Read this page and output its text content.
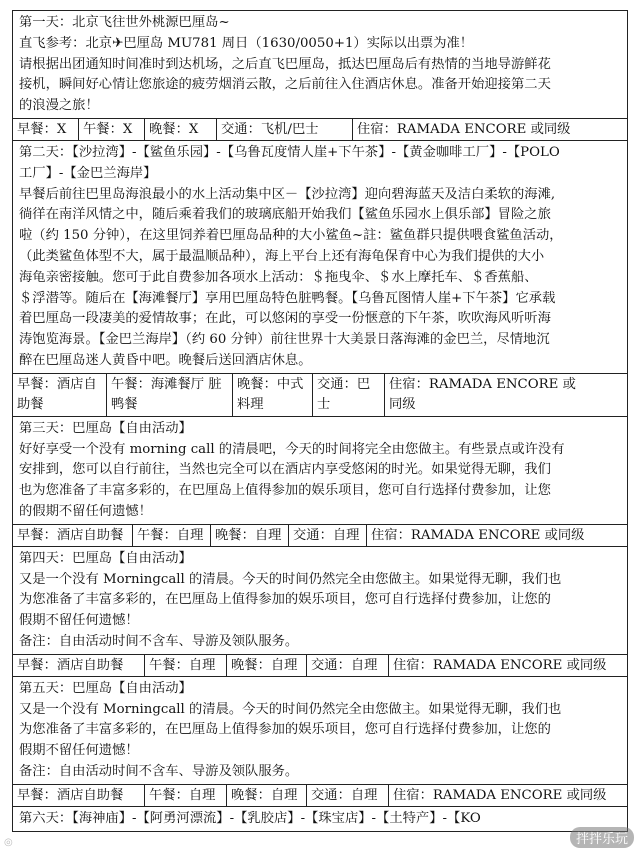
第一天：北京飞往世外桃源巴厘岛~
直飞参考：北京✈巴厘岛 MU781 周日（1630/0050+1）实际以出票为准！
请根据出团通知时间准时到达机场，之后直飞巴厘岛，抵达巴厘岛后有热情的当地导游鲜花
接机，瞬间好心情让您旅途的疲劳烟消云散，之后前往入住酒店休息。准备开始迎接第二天
的浪漫之旅！
早餐：X	午餐：X	晚餐：X	交通：飞机/巴士	住宿：RAMADA ENCORE 或同级
第二天：【沙拉湾】-【鲨鱼乐园】-【乌鲁瓦度情人崖+下午茶】-【黄金咖啡工厂】-【POLO
工厂】-【金巴兰海岸】
早餐后前往巴里岛海浪最小的水上活动集中区－【沙拉湾】迎向碧海蓝天及洁白柔软的海滩,
徜徉在南洋风情之中，随后乘着我们的玻璃底船开始我们【鲨鱼乐园水上俱乐部】冒险之旅
啦（约 150 分钟），在这里饲养着巴厘岛品种的大小鲨鱼~註：鲨鱼群只提供喂食鲨鱼活动，
（此类鲨鱼体型不大，属于最温顺品种），海上平台上还有海龟保育中心为我们提供的大小
海龟亲密接触。您可于此自费参加各项水上活动：＄拖曳伞、＄水上摩托车、＄香蕉船、
＄浮潜等。随后在【海滩餐厅】享用巴厘岛特色脏鸭餐。【乌鲁瓦图情人崖+下午茶】它承载
着巴厘岛一段凄美的爱情故事；在此，可以悠闲的享受一份惬意的下午茶，吹吹海风听听海
涛饱览海景。【金巴兰海岸】（约 60 分钟）前往世界十大美景日落海滩的金巴兰，尽情地沉
醉在巴厘岛迷人黄昏中吧。晚餐后送回酒店休息。
早餐：酒店自
助餐
午餐：海滩餐厅 脏
鸭餐
晚餐：中式
料理
交通：巴
士
住宿：RAMADA ENCORE 或
同级
第三天：巴厘岛【自由活动】
好好享受一个没有 morning call 的清晨吧，今天的时间将完全由您做主。有些景点或许没有
安排到，您可以自行前往，当然也完全可以在酒店内享受悠闲的时光。如果觉得无聊，我们
也为您准备了丰富多彩的，在巴厘岛上值得参加的娱乐项目，您可自行选择付费参加，让您
的假期不留任何遗憾！
早餐：酒店自助餐	午餐：自理 晚餐：自理 交通：自理 住宿：RAMADA ENCORE 或同级
第四天：巴厘岛【自由活动】
又是一个没有 Morningcall 的清晨。今天的时间仍然完全由您做主。如果觉得无聊，我们也
为您准备了丰富多彩的，在巴厘岛上值得参加的娱乐项目，您可自行选择付费参加，让您的
假期不留任何遗憾！
备注：自由活动时间不含车、导游及领队服务。
早餐：酒店自助餐	午餐：自理	晚餐：自理	交通：自理	住宿：RAMADA ENCORE 或同级
第五天：巴厘岛【自由活动】
又是一个没有 Morningcall 的清晨。今天的时间仍然完全由您做主。如果觉得无聊，我们也
为您准备了丰富多彩的，在巴厘岛上值得参加的娱乐项目，您可自行选择付费参加，让您的
假期不留任何遗憾！
备注：自由活动时间不含车、导游及领队服务。
早餐：酒店自助餐	午餐：自理	晚餐：自理	交通：自理	住宿：RAMADA ENCORE 或同级
第六天：【海神庙】-【阿勇河漂流】-【乳胶店】-【珠宝店】-【土特产】-【KO
◎	拌拌乐玩
